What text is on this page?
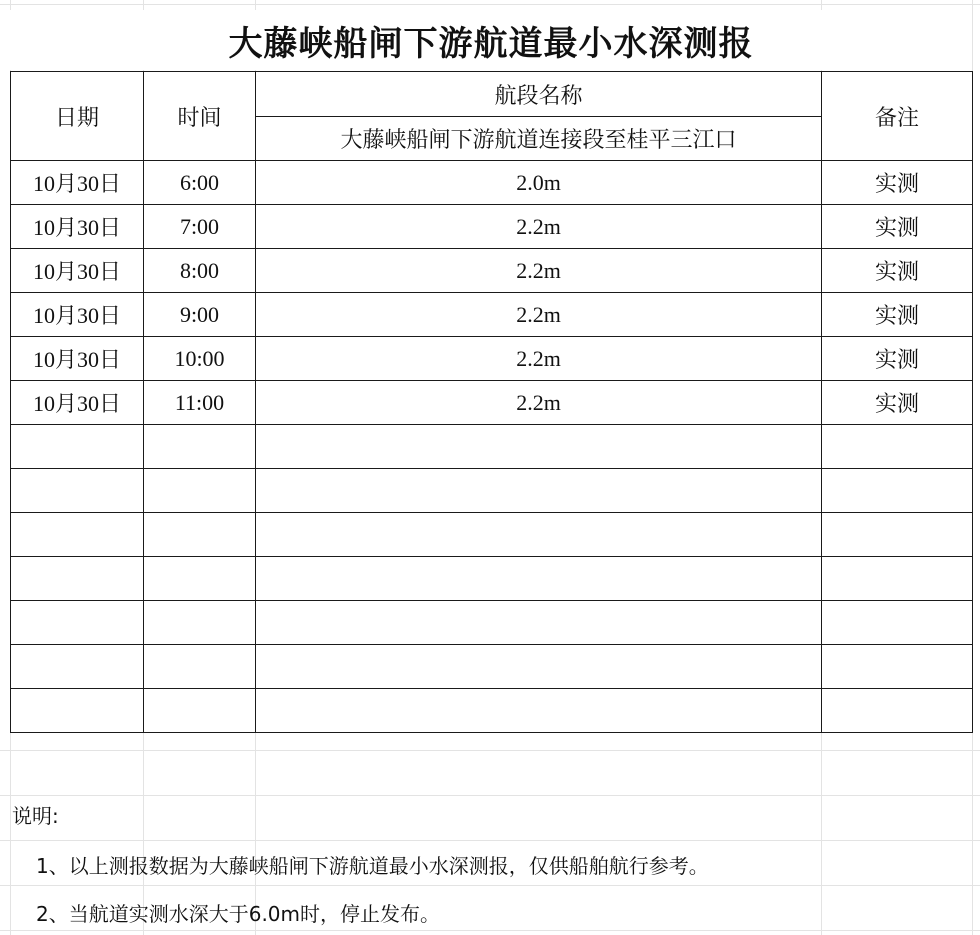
大藤峡船闸下游航道最小水深测报
日期	时间	航段名称	备注
		大藤峡船闸下游航道连接段至桂平三江口	
10月30日	6:00	2.0m	实测
10月30日	7:00	2.2m	实测
10月30日	8:00	2.2m	实测
10月30日	9:00	2.2m	实测
10月30日	10:00	2.2m	实测
10月30日	11:00	2.2m	实测

说明:
1、以上测报数据为大藤峡船闸下游航道最小水深测报，仅供船舶航行参考。
2、当航道实测水深大于6.0m时，停止发布。
